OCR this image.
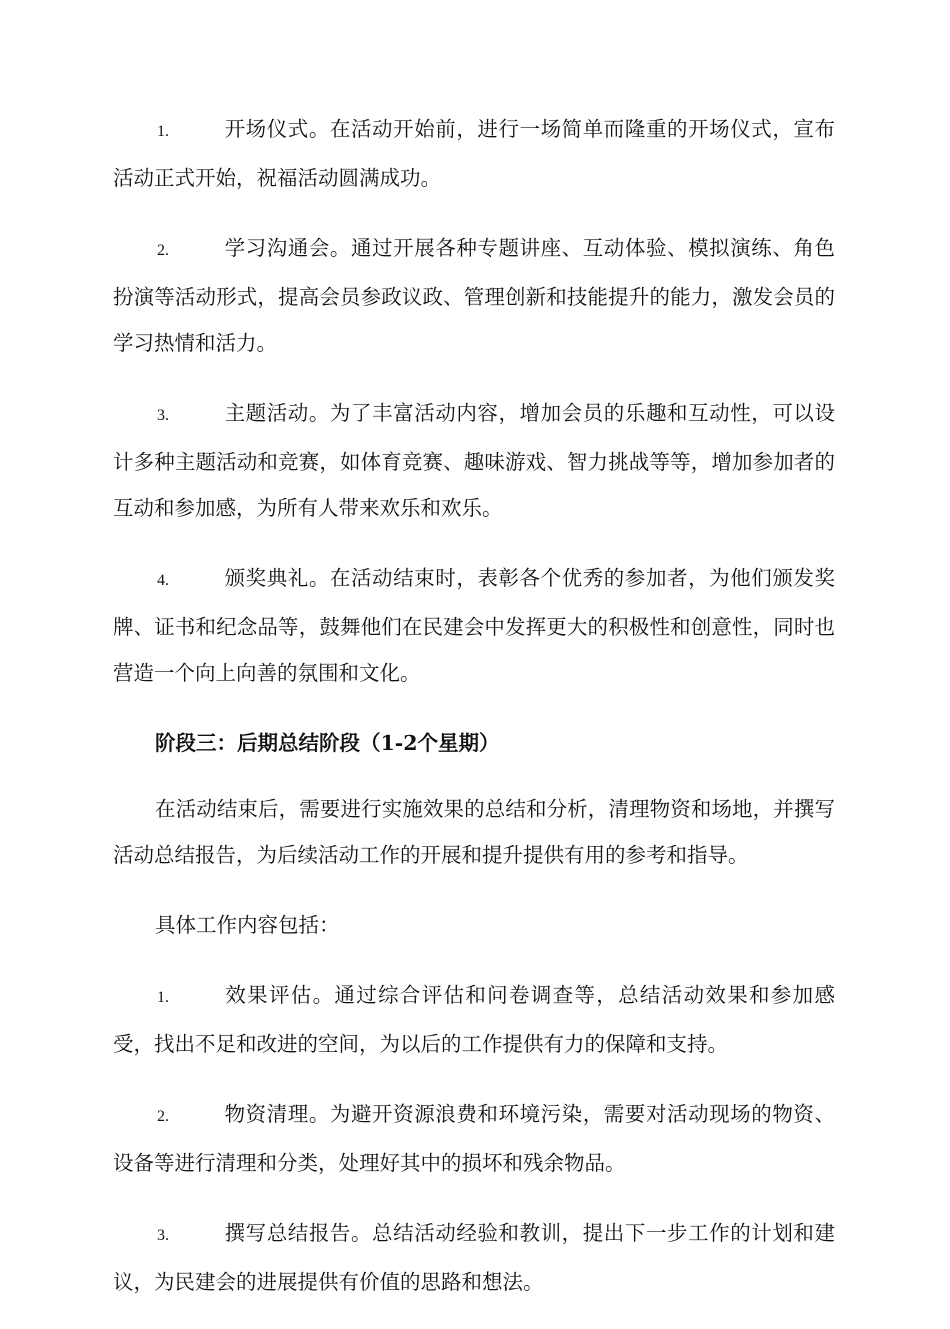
1.	开场仪式。在活动开始前，进行一场简单而隆重的开场仪式，宣布活动正式开始，祝福活动圆满成功。

2.	学习沟通会。通过开展各种专题讲座、互动体验、模拟演练、角色扮演等活动形式，提高会员参政议政、管理创新和技能提升的能力，激发会员的学习热情和活力。

3.	主题活动。为了丰富活动内容，增加会员的乐趣和互动性，可以设计多种主题活动和竞赛，如体育竞赛、趣味游戏、智力挑战等等，增加参加者的互动和参加感，为所有人带来欢乐和欢乐。

4.	颁奖典礼。在活动结束时，表彰各个优秀的参加者，为他们颁发奖牌、证书和纪念品等，鼓舞他们在民建会中发挥更大的积极性和创意性，同时也营造一个向上向善的氛围和文化。

阶段三：后期总结阶段（1-2个星期）

在活动结束后，需要进行实施效果的总结和分析，清理物资和场地，并撰写活动总结报告，为后续活动工作的开展和提升提供有用的参考和指导。

具体工作内容包括：

1.	效果评估。通过综合评估和问卷调查等，总结活动效果和参加感受，找出不足和改进的空间，为以后的工作提供有力的保障和支持。

2.	物资清理。为避开资源浪费和环境污染，需要对活动现场的物资、设备等进行清理和分类，处理好其中的损坏和残余物品。

3.	撰写总结报告。总结活动经验和教训，提出下一步工作的计划和建议，为民建会的进展提供有价值的思路和想法。
